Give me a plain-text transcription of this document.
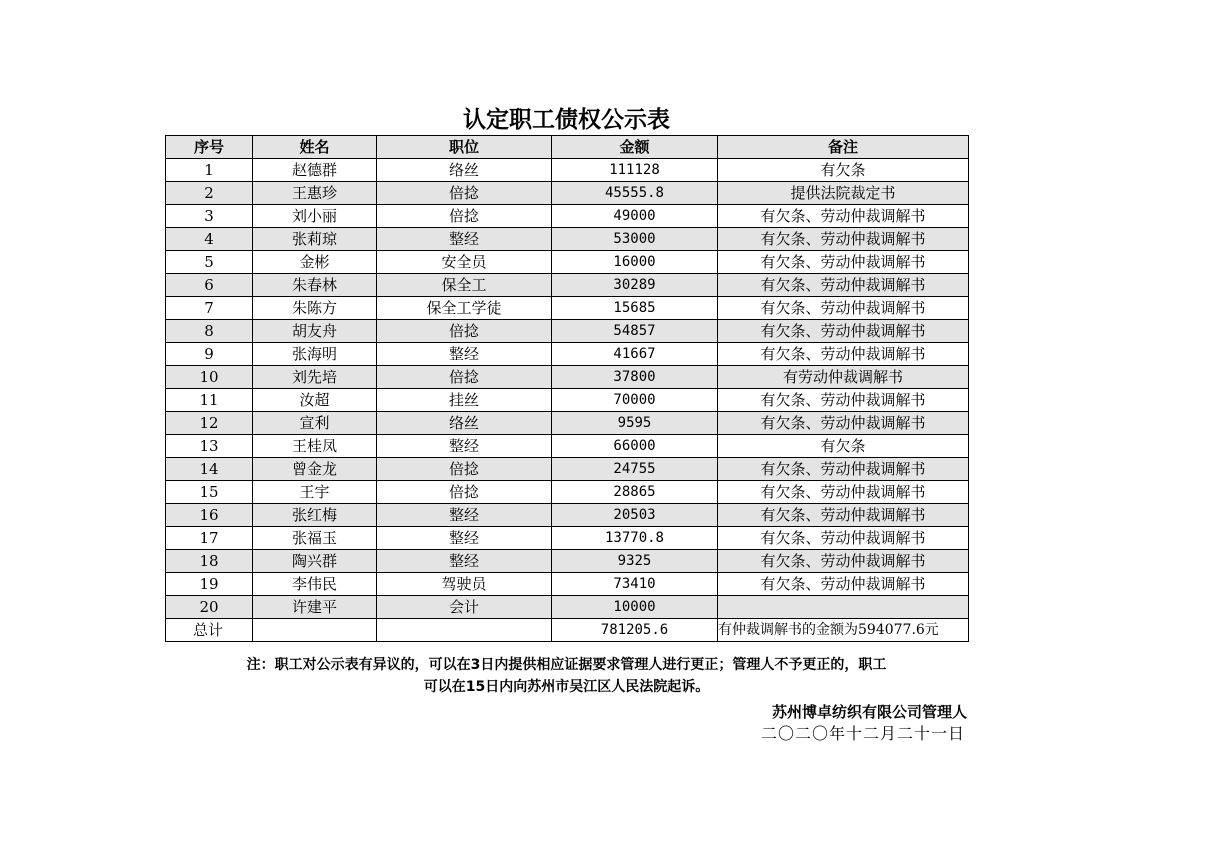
认定职工债权公示表
序号	姓名	职位	金额	备注
1	赵德群	络丝	111128	有欠条
2	王惠珍	倍捻	45555.8	提供法院裁定书
3	刘小丽	倍捻	49000	有欠条、劳动仲裁调解书
4	张莉琼	整经	53000	有欠条、劳动仲裁调解书
5	金彬	安全员	16000	有欠条、劳动仲裁调解书
6	朱春林	保全工	30289	有欠条、劳动仲裁调解书
7	朱陈方	保全工学徒	15685	有欠条、劳动仲裁调解书
8	胡友舟	倍捻	54857	有欠条、劳动仲裁调解书
9	张海明	整经	41667	有欠条、劳动仲裁调解书
10	刘先培	倍捻	37800	有劳动仲裁调解书
11	汝超	挂丝	70000	有欠条、劳动仲裁调解书
12	宣利	络丝	9595	有欠条、劳动仲裁调解书
13	王桂凤	整经	66000	有欠条
14	曾金龙	倍捻	24755	有欠条、劳动仲裁调解书
15	王宇	倍捻	28865	有欠条、劳动仲裁调解书
16	张红梅	整经	20503	有欠条、劳动仲裁调解书
17	张福玉	整经	13770.8	有欠条、劳动仲裁调解书
18	陶兴群	整经	9325	有欠条、劳动仲裁调解书
19	李伟民	驾驶员	73410	有欠条、劳动仲裁调解书
20	许建平	会计	10000	
总计			781205.6	有仲裁调解书的金额为594077.6元
注：职工对公示表有异议的，可以在3日内提供相应证据要求管理人进行更正；管理人不予更正的，职工
可以在15日内向苏州市吴江区人民法院起诉。
苏州博卓纺织有限公司管理人
二〇二〇年十二月二十一日
